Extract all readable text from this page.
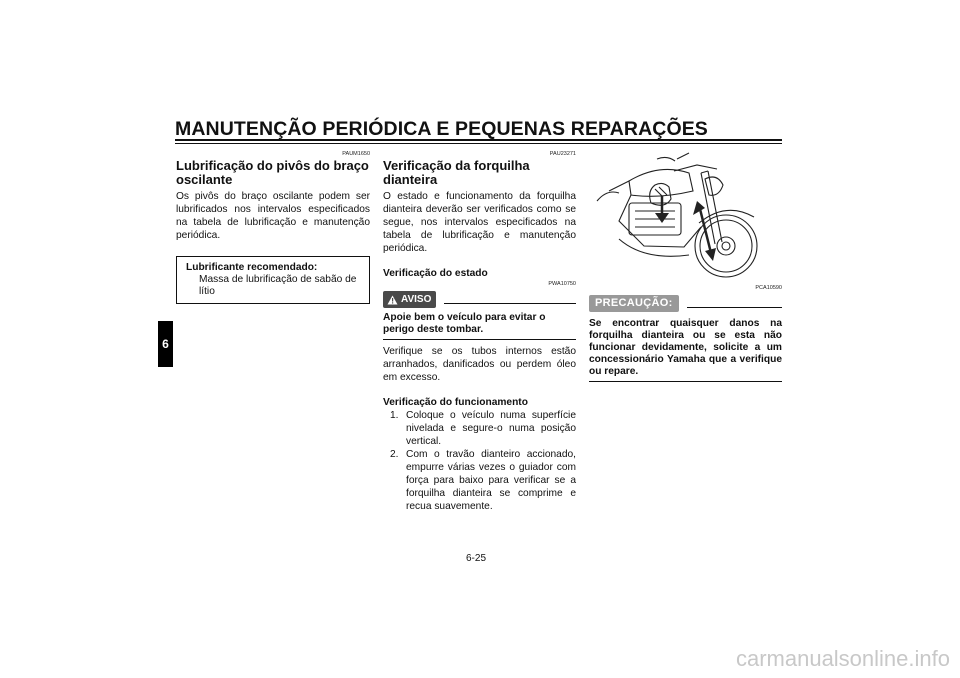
MANUTENÇÃO PERIÓDICA E PEQUENAS REPARAÇÕES
6
PAUM1650
Lubrificação do pivôs do braço oscilante

Os pivôs do braço oscilante podem ser lubrificados nos intervalos especificados na tabela de lubrificação e manutenção periódica.

Lubrificante recomendado:
Massa de lubrificação de sabão de lítio
PAU23271
Verificação da forquilha dianteira

O estado e funcionamento da forquilha dianteira deverão ser verificados como se segue, nos intervalos especificados na tabela de lubrificação e manutenção periódica.

Verificação do estado
PWA10750
AVISO
Apoie bem o veículo para evitar o perigo deste tombar.

Verifique se os tubos internos estão arranhados, danificados ou perdem óleo em excesso.

Verificação do funcionamento
1. Coloque o veículo numa superfície nivelada e segure-o numa posição vertical.
2. Com o travão dianteiro accionado, empurre várias vezes o guiador com força para baixo para verificar se a forquilha dianteira se comprime e recua suavemente.
PCA10590
PRECAUÇÃO:
Se encontrar quaisquer danos na forquilha dianteira ou se esta não funcionar devidamente, solicite a um concessionário Yamaha que a verifique ou repare.
6-25
carmanualsonline.info
